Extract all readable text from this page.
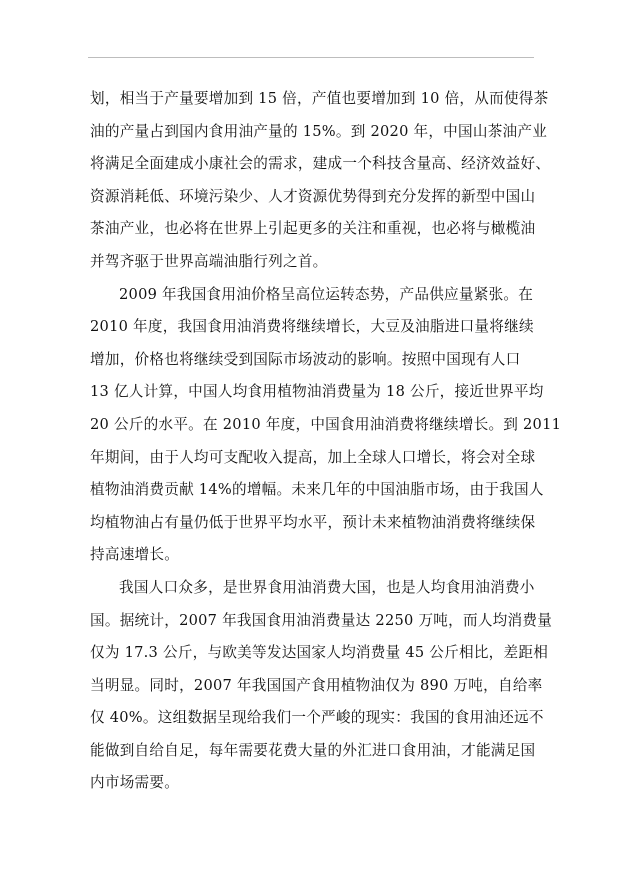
划，相当于产量要增加到 15 倍，产值也要增加到 10 倍，从而使得茶
油的产量占到国内食用油产量的 15%。到 2020 年，中国山茶油产业
将满足全面建成小康社会的需求，建成一个科技含量高、经济效益好、
资源消耗低、环境污染少、人才资源优势得到充分发挥的新型中国山
茶油产业，也必将在世界上引起更多的关注和重视，也必将与橄榄油
并驾齐驱于世界高端油脂行列之首。
2009 年我国食用油价格呈高位运转态势，产品供应量紧张。在
2010 年度，我国食用油消费将继续增长，大豆及油脂进口量将继续
增加，价格也将继续受到国际市场波动的影响。按照中国现有人口
13 亿人计算，中国人均食用植物油消费量为 18 公斤，接近世界平均
20 公斤的水平。在 2010 年度，中国食用油消费将继续增长。到 2011
年期间，由于人均可支配收入提高，加上全球人口增长，将会对全球
植物油消费贡献 14%的增幅。未来几年的中国油脂市场，由于我国人
均植物油占有量仍低于世界平均水平，预计未来植物油消费将继续保
持高速增长。
我国人口众多，是世界食用油消费大国，也是人均食用油消费小
国。据统计，2007 年我国食用油消费量达 2250 万吨，而人均消费量
仅为 17.3 公斤，与欧美等发达国家人均消费量 45 公斤相比，差距相
当明显。同时，2007 年我国国产食用植物油仅为 890 万吨，自给率
仅 40%。这组数据呈现给我们一个严峻的现实：我国的食用油还远不
能做到自给自足，每年需要花费大量的外汇进口食用油，才能满足国
内市场需要。
